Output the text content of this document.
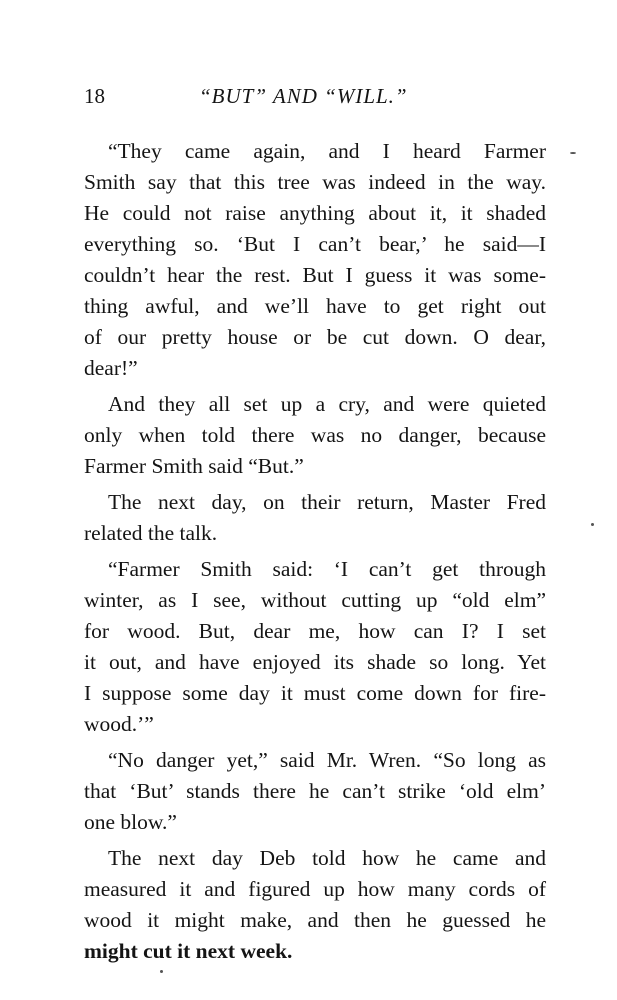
18	“BUT” AND “WILL.”
“They came again, and I heard Farmer
Smith say that this tree was indeed in the way.
He could not raise anything about it, it shaded
everything so. ‘But I can’t bear,’ he said—I
couldn’t hear the rest. But I guess it was some-
thing awful, and we’ll have to get right out
of our pretty house or be cut down. O dear,
dear!”
And they all set up a cry, and were quieted
only when told there was no danger, because
Farmer Smith said “But.”
The next day, on their return, Master Fred
related the talk.
“Farmer Smith said: ‘I can’t get through
winter, as I see, without cutting up “old elm”
for wood. But, dear me, how can I? I set
it out, and have enjoyed its shade so long. Yet
I suppose some day it must come down for fire-
wood.’”
“No danger yet,” said Mr. Wren. “So long as
that ‘But’ stands there he can’t strike ‘old elm’
one blow.”
The next day Deb told how he came and
measured it and figured up how many cords of
wood it might make, and then he guessed he
might cut it next week.
